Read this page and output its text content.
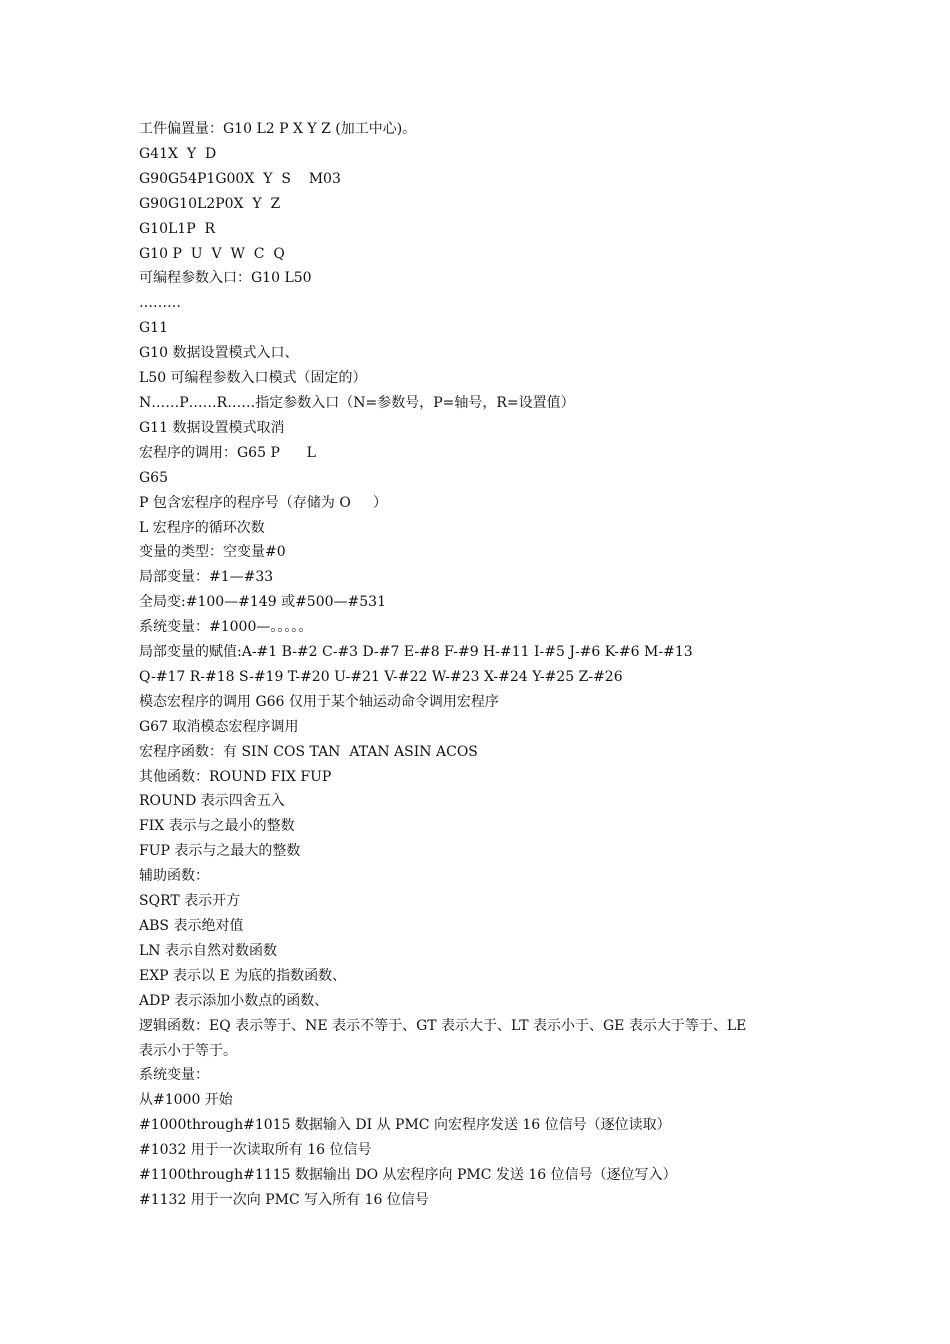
工件偏置量：G10 L2 P X Y Z (加工中心)。

G41X  Y  D

G90G54P1G00X  Y  S    M03

G90G10L2P0X  Y  Z

G10L1P  R

G10 P  U  V  W  C  Q

可编程参数入口：G10 L50

………

G11

G10 数据设置模式入口、

L50 可编程参数入口模式（固定的）

N……P……R……指定参数入口（N=参数号，P=轴号，R=设置值）

G11 数据设置模式取消

宏程序的调用：G65 P      L

G65

P 包含宏程序的程序号（存储为 O     ）

L 宏程序的循环次数

变量的类型：空变量#0

局部变量：#1—#33

全局变:#100—#149 或#500—#531

系统变量：#1000—。。。。。

局部变量的赋值:A-#1 B-#2 C-#3 D-#7 E-#8 F-#9 H-#11 I-#5 J-#6 K-#6 M-#13

Q-#17 R-#18 S-#19 T-#20 U-#21 V-#22 W-#23 X-#24 Y-#25 Z-#26

模态宏程序的调用 G66 仅用于某个轴运动命令调用宏程序

G67 取消模态宏程序调用

宏程序函数：有 SIN COS TAN  ATAN ASIN ACOS

其他函数：ROUND FIX FUP

ROUND 表示四舍五入

FIX 表示与之最小的整数

FUP 表示与之最大的整数

辅助函数：

SQRT 表示开方

ABS 表示绝对值

LN 表示自然对数函数

EXP 表示以 E 为底的指数函数、

ADP 表示添加小数点的函数、

逻辑函数：EQ 表示等于、NE 表示不等于、GT 表示大于、LT 表示小于、GE 表示大于等于、LE

表示小于等于。

系统变量：

从#1000 开始

#1000through#1015 数据输入 DI 从 PMC 向宏程序发送 16 位信号（逐位读取）

#1032 用于一次读取所有 16 位信号

#1100through#1115 数据输出 DO 从宏程序向 PMC 发送 16 位信号（逐位写入）

#1132 用于一次向 PMC 写入所有 16 位信号
